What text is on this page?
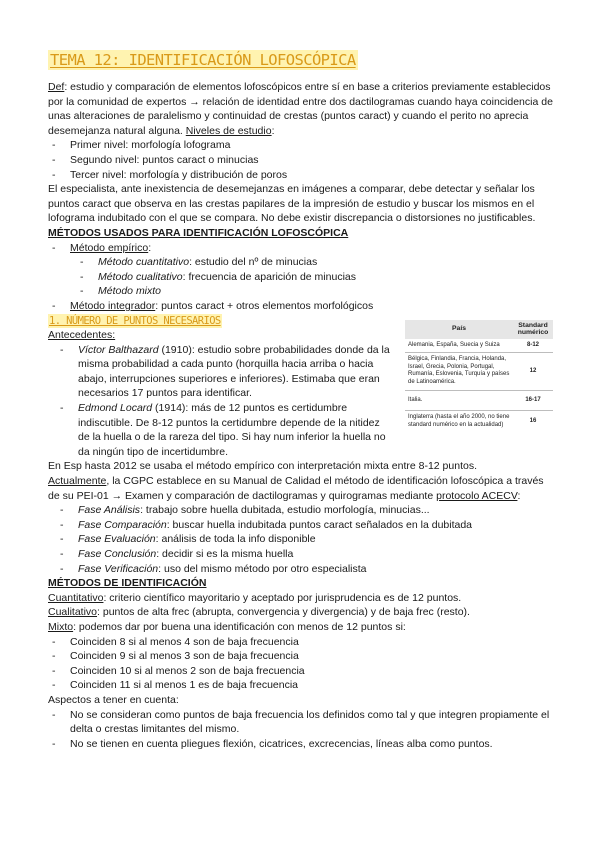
TEMA 12: IDENTIFICACIÓN LOFOSCÓPICA

Def: estudio y comparación de elementos lofoscópicos entre sí en base a criterios previamente establecidos por la comunidad de expertos → relación de identidad entre dos dactilogramas cuando haya coincidencia de unas alteraciones de paralelismo y continuidad de crestas (puntos caract) y cuando el perito no aprecia desemejanza natural alguna. Niveles de estudio:

- Primer nivel: morfología lofograma
- Segundo nivel: puntos caract o minucias
- Tercer nivel: morfología y distribución de poros

El especialista, ante inexistencia de desemejanzas en imágenes a comparar, debe detectar y señalar los puntos caract que observa en las crestas papilares de la impresión de estudio y buscar los mismos en el lofograma indubitado con el que se compara. No debe existir discrepancia o distorsiones no justificables.

MÉTODOS USADOS PARA IDENTIFICACIÓN LOFOSCÓPICA

- Método empírico:
- Método cuantitativo: estudio del nº de minucias
- Método cualitativo: frecuencia de aparición de minucias
- Método mixto
- Método integrador: puntos caract + otros elementos morfológicos
1. NÚMERO DE PUNTOS NECESARIOS

Antecedentes:

- Víctor Balthazard (1910): estudio sobre probabilidades donde da la misma probabilidad a cada punto (horquilla hacia arriba o hacia abajo, interrupciones superiores e inferiores). Estimaba que eran necesarios 17 puntos para identificar.
- Edmond Locard (1914): más de 12 puntos es certidumbre indiscutible. De 8-12 puntos la certidumbre depende de la nitidez de la huella o de la rareza del tipo. Si hay num inferior la huella no da ningún tipo de incertidumbre.
País	Standard numérico
Alemania, España, Suecia y Suiza	8-12
Bélgica, Finlandia, Francia, Holanda, Israel, Grecia, Polonia, Portugal, Rumanía, Eslovenia, Turquía y países de Latinoamérica.	12
Italia.	16-17
Inglaterra (hasta el año 2000, no tiene standard numérico en la actualidad)	16

En Esp hasta 2012 se usaba el método empírico con interpretación mixta entre 8-12 puntos.

Actualmente, la CGPC establece en su Manual de Calidad el método de identificación lofoscópica a través de su PEI-01 → Examen y comparación de dactilogramas y quirogramas mediante protocolo ACECV:

- Fase Análisis: trabajo sobre huella dubitada, estudio morfología, minucias...
- Fase Comparación: buscar huella indubitada puntos caract señalados en la dubitada
- Fase Evaluación: análisis de toda la info disponible
- Fase Conclusión: decidir si es la misma huella
- Fase Verificación: uso del mismo método por otro especialista

MÉTODOS DE IDENTIFICACIÓN

Cuantitativo: criterio científico mayoritario y aceptado por jurisprudencia es de 12 puntos.

Cualitativo: puntos de alta frec (abrupta, convergencia y divergencia) y de baja frec (resto).

Mixto: podemos dar por buena una identificación con menos de 12 puntos si:

- Coinciden 8 si al menos 4 son de baja frecuencia
- Coinciden 9 si al menos 3 son de baja frecuencia
- Coinciden 10 si al menos 2 son de baja frecuencia
- Coinciden 11 si al menos 1 es de baja frecuencia

Aspectos a tener en cuenta:

- No se consideran como puntos de baja frecuencia los definidos como tal y que integren propiamente el delta o crestas limitantes del mismo.
- No se tienen en cuenta pliegues flexión, cicatrices, excrecencias, líneas alba como puntos.
